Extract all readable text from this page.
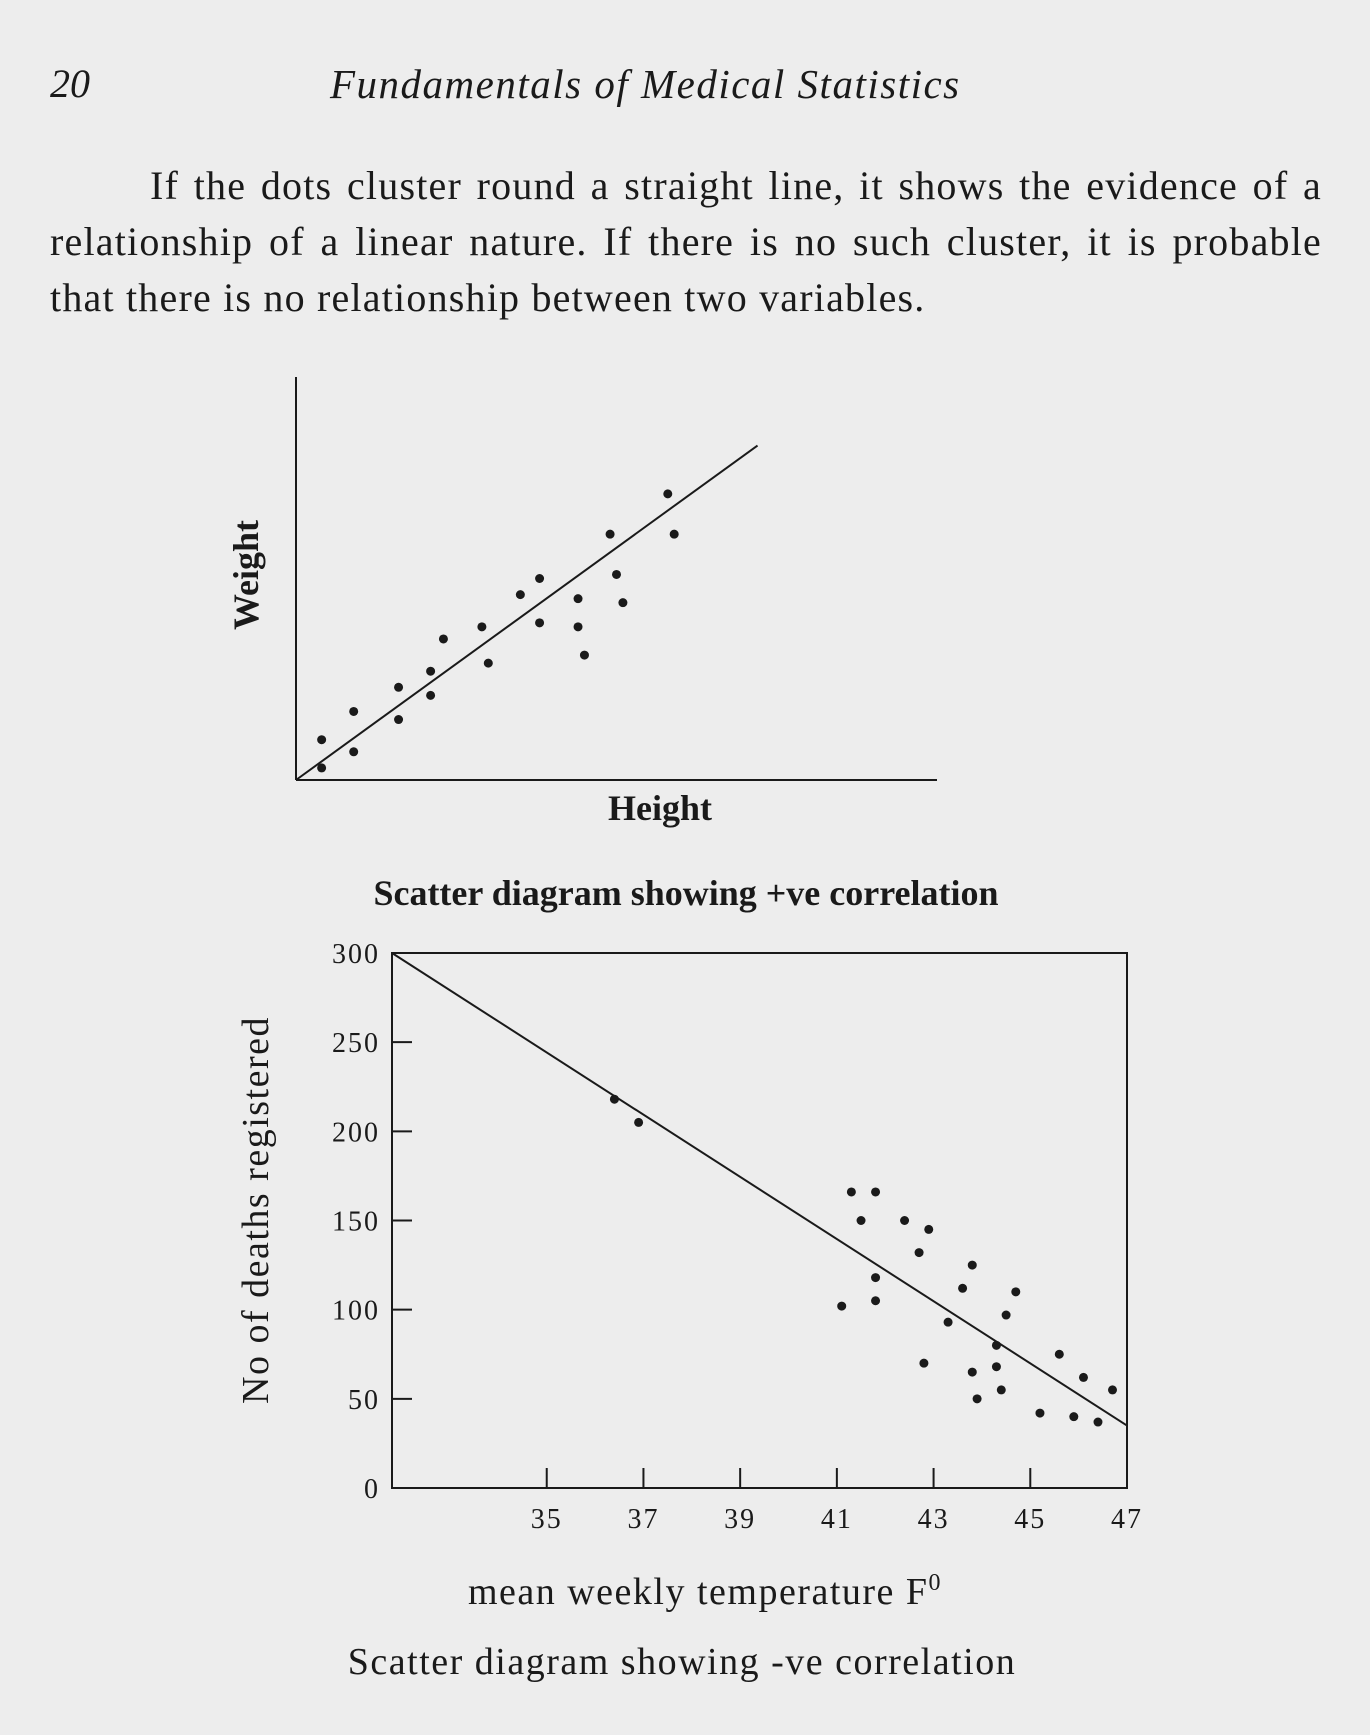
20	Fundamentals of Medical Statistics

If the dots cluster round a straight line, it shows the evidence of a relationship of a linear nature. If there is no such cluster, it is probable that there is no relationship between two variables.

Weight
Height
Scatter diagram showing +ve correlation
0
50
100
150
200
250
300
35 37 39 41 43 45 47
No of deaths registered
mean weekly temperature $F^0$
Scatter diagram showing -ve correlation
